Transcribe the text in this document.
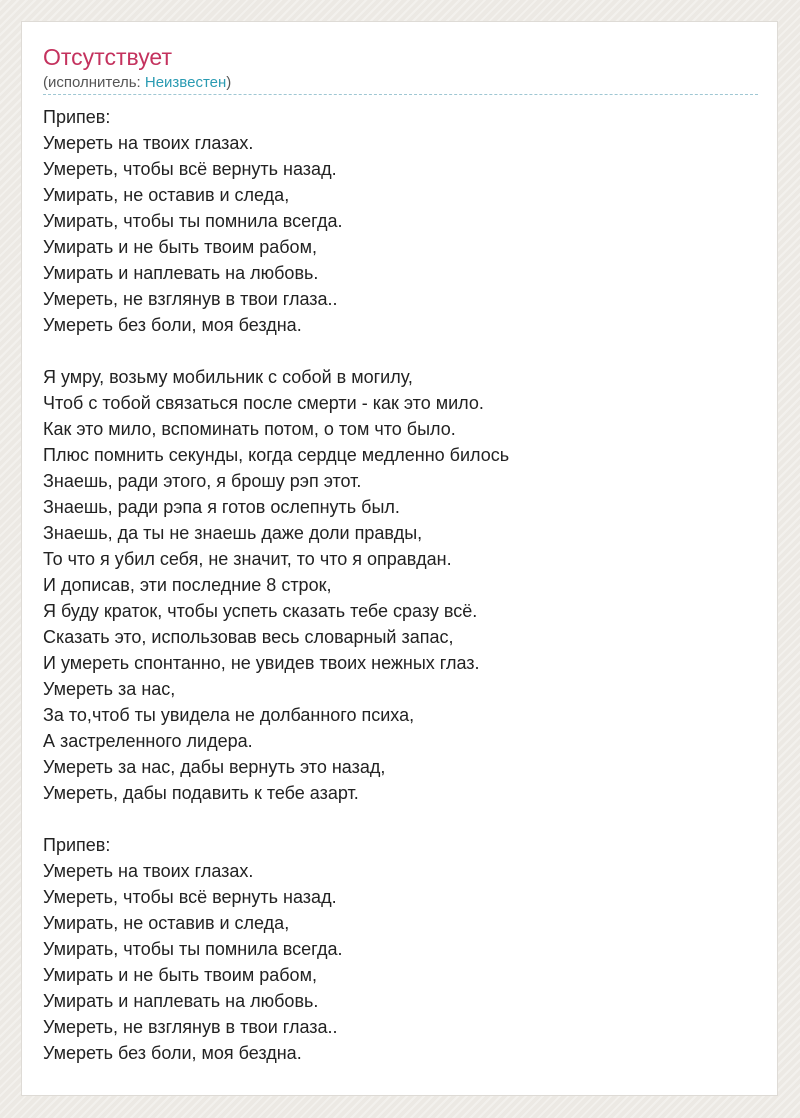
Отсутствует
(исполнитель: Неизвестен)
Припев:
Умереть на твоих глазах.
Умереть, чтобы всё вернуть назад.
Умирать, не оставив и следа,
Умирать, чтобы ты помнила всегда.
Умирать и не быть твоим рабом,
Умирать и наплевать на любовь.
Умереть, не взглянув в твои глаза..
Умереть без боли, моя бездна.
Я умру, возьму мобильник с собой в могилу,
Чтоб с тобой связаться после смерти - как это мило.
Как это мило, вспоминать потом, о том что было.
Плюс помнить секунды, когда сердце медленно билось
Знаешь, ради этого, я брошу рэп этот.
Знаешь, ради рэпа я готов ослепнуть был.
Знаешь, да ты не знаешь даже доли правды,
То что я убил себя, не значит, то что я оправдан.
И дописав, эти последние 8 строк,
Я буду краток, чтобы успеть сказать тебе сразу всё.
Сказать это, использовав весь словарный запас,
И умереть спонтанно, не увидев твоих нежных глаз.
Умереть за нас,
За то,чтоб ты увидела не долбанного психа,
А застреленного лидера.
Умереть за нас, дабы вернуть это назад,
Умереть, дабы подавить к тебе азарт.
Припев:
Умереть на твоих глазах.
Умереть, чтобы всё вернуть назад.
Умирать, не оставив и следа,
Умирать, чтобы ты помнила всегда.
Умирать и не быть твоим рабом,
Умирать и наплевать на любовь.
Умереть, не взглянув в твои глаза..
Умереть без боли, моя бездна.
